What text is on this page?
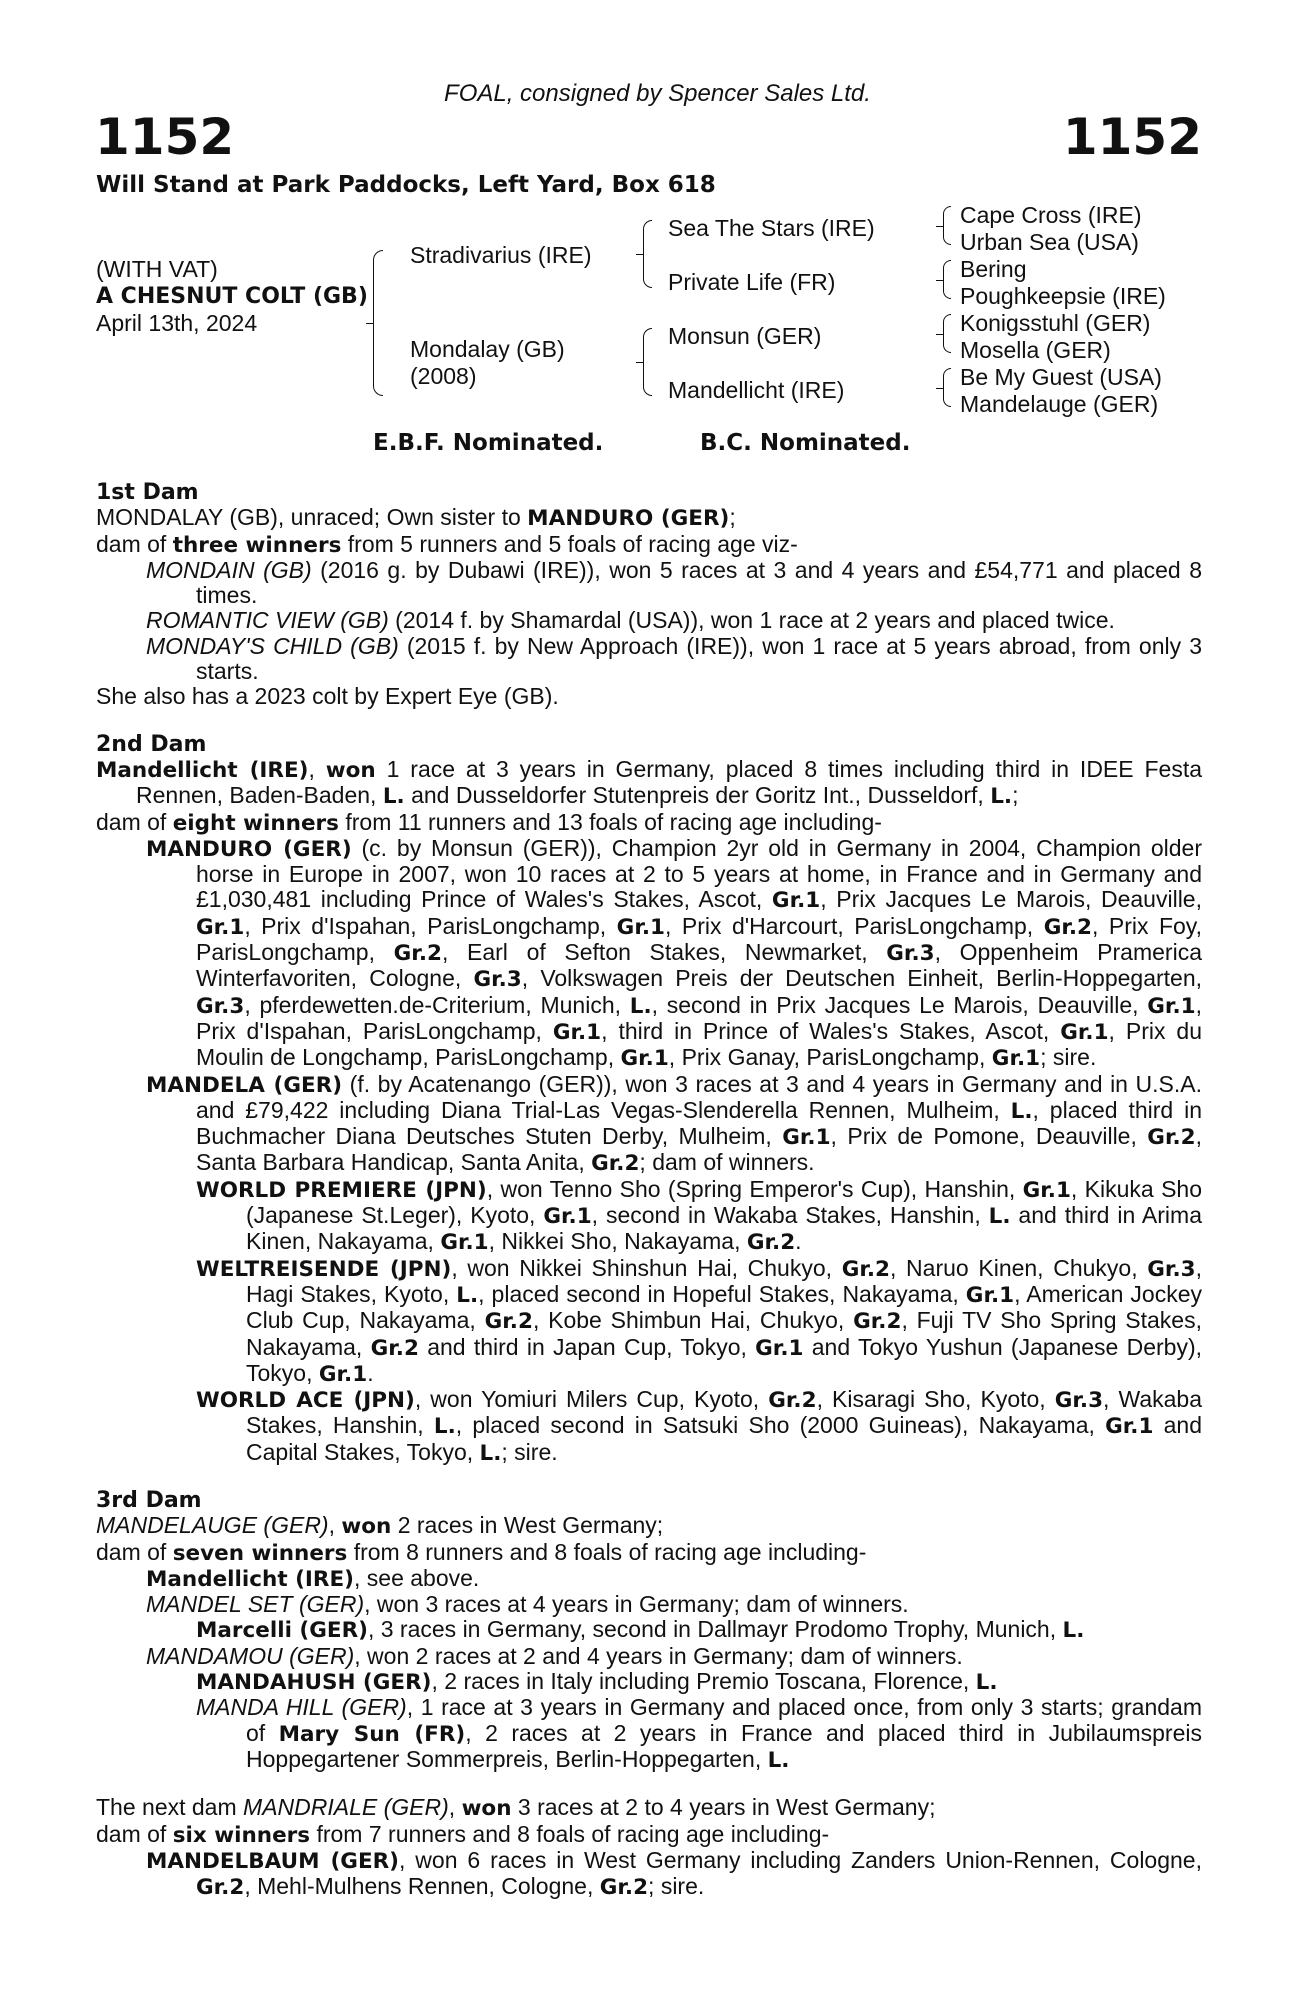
FOAL, consigned by Spencer Sales Ltd.
1152	1152
Will Stand at Park Paddocks, Left Yard, Box 618
(WITH VAT)
A CHESNUT COLT (GB)
April 13th, 2024
Stradivarius (IRE)
Mondalay (GB)
(2008)
Sea The Stars (IRE)
Private Life (FR)
Monsun (GER)
Mandellicht (IRE)
Cape Cross (IRE)
Urban Sea (USA)
Bering
Poughkeepsie (IRE)
Konigsstuhl (GER)
Mosella (GER)
Be My Guest (USA)
Mandelauge (GER)
E.B.F. Nominated.	B.C. Nominated.
1st Dam
MONDALAY (GB), unraced; Own sister to MANDURO (GER);
dam of three winners from 5 runners and 5 foals of racing age viz-
MONDAIN (GB) (2016 g. by Dubawi (IRE)), won 5 races at 3 and 4 years and £54,771 and placed 8 times.
ROMANTIC VIEW (GB) (2014 f. by Shamardal (USA)), won 1 race at 2 years and placed twice.
MONDAY'S CHILD (GB) (2015 f. by New Approach (IRE)), won 1 race at 5 years abroad, from only 3 starts.
She also has a 2023 colt by Expert Eye (GB).
2nd Dam
Mandellicht (IRE), won 1 race at 3 years in Germany, placed 8 times including third in IDEE Festa Rennen, Baden-Baden, L. and Dusseldorfer Stutenpreis der Goritz Int., Dusseldorf, L.;
dam of eight winners from 11 runners and 13 foals of racing age including-
MANDURO (GER) (c. by Monsun (GER)), Champion 2yr old in Germany in 2004, Champion older horse in Europe in 2007, won 10 races at 2 to 5 years at home, in France and in Germany and £1,030,481 including Prince of Wales's Stakes, Ascot, Gr.1, Prix Jacques Le Marois, Deauville, Gr.1, Prix d'Ispahan, ParisLongchamp, Gr.1, Prix d'Harcourt, ParisLongchamp, Gr.2, Prix Foy, ParisLongchamp, Gr.2, Earl of Sefton Stakes, Newmarket, Gr.3, Oppenheim Pramerica Winterfavoriten, Cologne, Gr.3, Volkswagen Preis der Deutschen Einheit, Berlin-Hoppegarten, Gr.3, pferdewetten.de-Criterium, Munich, L., second in Prix Jacques Le Marois, Deauville, Gr.1, Prix d'Ispahan, ParisLongchamp, Gr.1, third in Prince of Wales's Stakes, Ascot, Gr.1, Prix du Moulin de Longchamp, ParisLongchamp, Gr.1, Prix Ganay, ParisLongchamp, Gr.1; sire.
MANDELA (GER) (f. by Acatenango (GER)), won 3 races at 3 and 4 years in Germany and in U.S.A. and £79,422 including Diana Trial-Las Vegas-Slenderella Rennen, Mulheim, L., placed third in Buchmacher Diana Deutsches Stuten Derby, Mulheim, Gr.1, Prix de Pomone, Deauville, Gr.2, Santa Barbara Handicap, Santa Anita, Gr.2; dam of winners.
WORLD PREMIERE (JPN), won Tenno Sho (Spring Emperor's Cup), Hanshin, Gr.1, Kikuka Sho (Japanese St.Leger), Kyoto, Gr.1, second in Wakaba Stakes, Hanshin, L. and third in Arima Kinen, Nakayama, Gr.1, Nikkei Sho, Nakayama, Gr.2.
WELTREISENDE (JPN), won Nikkei Shinshun Hai, Chukyo, Gr.2, Naruo Kinen, Chukyo, Gr.3, Hagi Stakes, Kyoto, L., placed second in Hopeful Stakes, Nakayama, Gr.1, American Jockey Club Cup, Nakayama, Gr.2, Kobe Shimbun Hai, Chukyo, Gr.2, Fuji TV Sho Spring Stakes, Nakayama, Gr.2 and third in Japan Cup, Tokyo, Gr.1 and Tokyo Yushun (Japanese Derby), Tokyo, Gr.1.
WORLD ACE (JPN), won Yomiuri Milers Cup, Kyoto, Gr.2, Kisaragi Sho, Kyoto, Gr.3, Wakaba Stakes, Hanshin, L., placed second in Satsuki Sho (2000 Guineas), Nakayama, Gr.1 and Capital Stakes, Tokyo, L.; sire.
3rd Dam
MANDELAUGE (GER), won 2 races in West Germany;
dam of seven winners from 8 runners and 8 foals of racing age including-
Mandellicht (IRE), see above.
MANDEL SET (GER), won 3 races at 4 years in Germany; dam of winners.
Marcelli (GER), 3 races in Germany, second in Dallmayr Prodomo Trophy, Munich, L.
MANDAMOU (GER), won 2 races at 2 and 4 years in Germany; dam of winners.
MANDAHUSH (GER), 2 races in Italy including Premio Toscana, Florence, L.
MANDA HILL (GER), 1 race at 3 years in Germany and placed once, from only 3 starts; grandam of Mary Sun (FR), 2 races at 2 years in France and placed third in Jubilaumspreis Hoppegartener Sommerpreis, Berlin-Hoppegarten, L.
The next dam MANDRIALE (GER), won 3 races at 2 to 4 years in West Germany;
dam of six winners from 7 runners and 8 foals of racing age including-
MANDELBAUM (GER), won 6 races in West Germany including Zanders Union-Rennen, Cologne, Gr.2, Mehl-Mulhens Rennen, Cologne, Gr.2; sire.
